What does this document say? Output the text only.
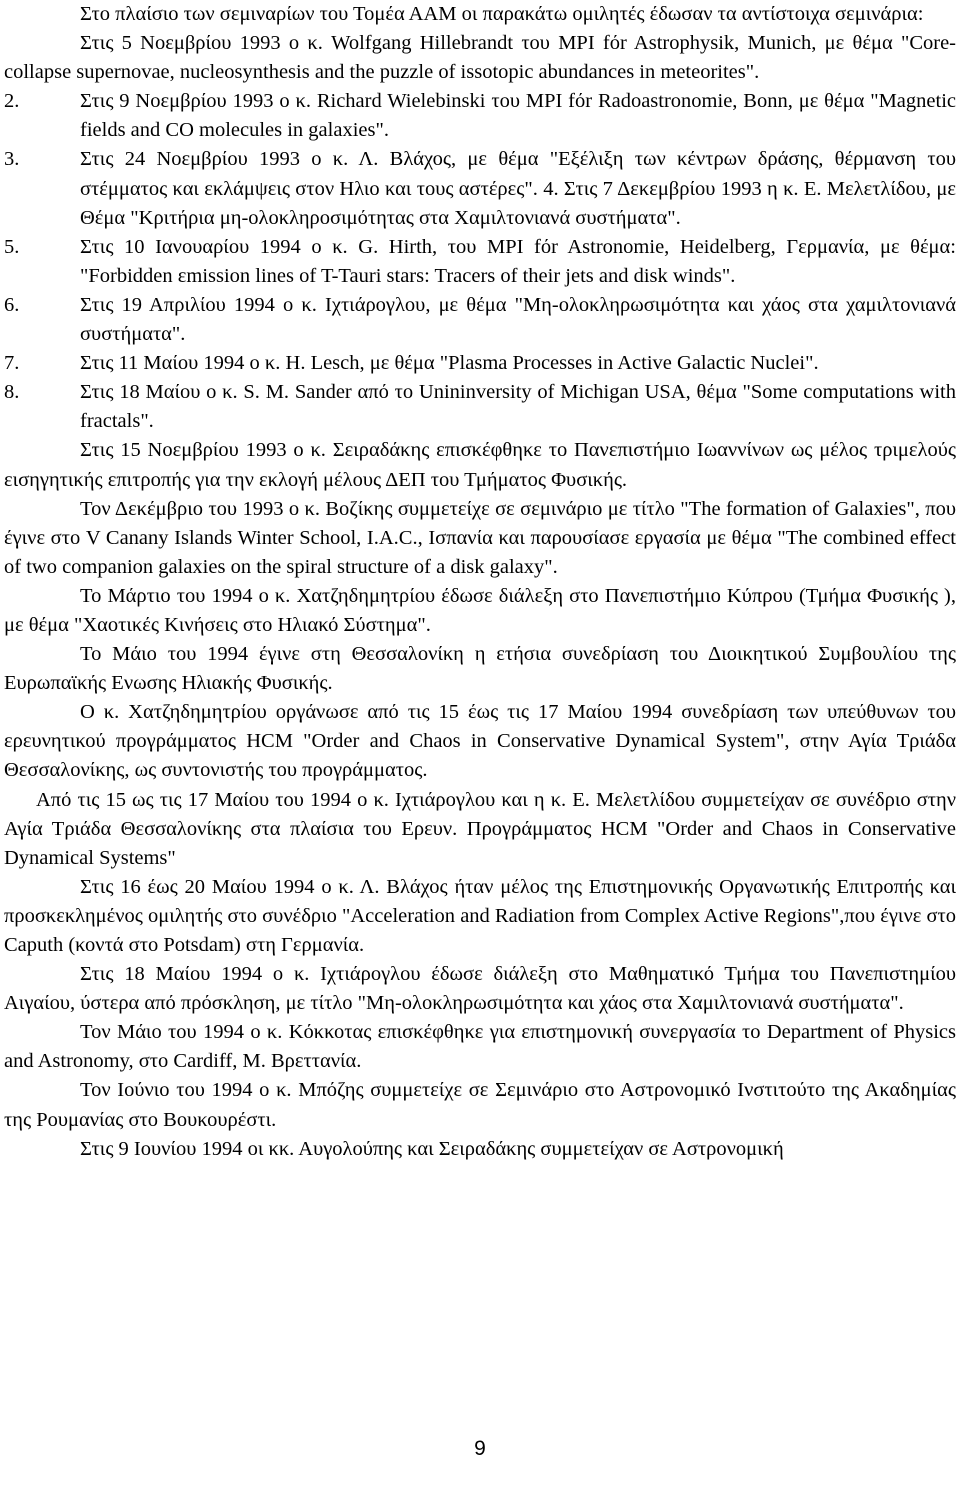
Στο πλαίσιο των σεμιναρίων του Τομέα ΑΑΜ οι παρακάτω ομιλητές έδωσαν τα αντίστοιχα σεμινάρια:

Στις 5 Νοεμβρίου 1993 ο κ. Wolfgang Hillebrandt του MPI fόr Astrophysik, Munich, με θέμα "Core-collapse supernovae, nucleosynthesis and the puzzle of issotopic abundances in meteorites".

2.	Στις 9 Νοεμβρίου 1993 ο κ. Richard Wielebinski του MPI fόr Radoastronomie, Bonn, με θέμα "Magnetic fields and CO molecules in galaxies".
3.	Στις 24 Νοεμβρίου 1993 ο κ. Λ. Βλάχος, με θέμα "Εξέλιξη των κέντρων δράσης, θέρμανση του στέμματος και εκλάμψεις στον Ηλιο και τους αστέρες". 4. Στις 7 Δεκεμβρίου 1993 η κ. Ε. Μελετλίδου, με Θέμα "Κριτήρια μη-ολοκληροσιμότητας στα Χαμιλτονιανά συστήματα".
5.	Στις 10 Ιανουαρίου 1994 ο κ. G. Hirth, του MPI fόr Astronomie, Heidelberg, Γερμανία, με θέμα: "Forbidden εmission lines of T-Tauri stars: Tracers of their jets and disk winds".
6.	Στις 19 Απριλίου 1994 ο κ. Ιχτιάρογλου, με θέμα "Μη-ολοκληρωσιμότητα και χάος στα χαμιλτονιανά συστήματα".
7.	Στις 11 Μαίου 1994 ο κ. H. Lesch, με θέμα "Plasma Processes in Active Galactic Nuclei".
8.	Στις 18 Μαίου ο κ. S. M. Sander από το Unininversity of Michigan USA, θέμα "Some computations with fractals".

Στις 15 Νοεμβρίου 1993 ο κ. Σειραδάκης επισκέφθηκε το Πανεπιστήμιο Ιωαννίνων ως μέλος τριμελούς εισηγητικής επιτροπής για την εκλογή μέλους ΔΕΠ του Τμήματος Φυσικής.

Τον Δεκέμβριο του 1993 ο κ. Βοζίκης συμμετείχε σε σεμινάριο με τίτλο "The formation of Galaxies", που έγινε στο V Canany Islands Winter School, I.A.C., Ισπανία και παρουσίασε εργασία με θέμα "The combined effect of two companion galaxies on the spiral structure of a disk galaxy".

Το Μάρτιο του 1994 ο κ. Χατζηδημητρίου έδωσε διάλεξη στο Πανεπιστήμιο Κύπρου (Τμήμα Φυσικής ), με θέμα "Χαοτικές Κινήσεις στο Ηλιακό Σύστημα".

Το Μάιο του 1994 έγινε στη Θεσσαλονίκη η ετήσια συνεδρίαση του Διοικητικού Συμβουλίου της Ευρωπαϊκής Ενωσης Ηλιακής Φυσικής.

Ο κ. Χατζηδημητρίου οργάνωσε από τις 15 έως τις 17 Μαίου 1994 συνεδρίαση των υπεύθυνων του ερευνητικού προγράμματος HCM "Order and Chaos in Conservative Dynamical System", στην Αγία Τριάδα Θεσσαλονίκης, ως συντονιστής του προγράμματος.

Από τις 15 ως τις 17 Μαίου του 1994 ο κ. Ιχτιάρογλου και η κ. Ε. Μελετλίδου συμμετείχαν σε συνέδριο στην Αγία Τριάδα Θεσσαλονίκης στα πλαίσια του Ερευν. Προγράμματος HCM "Order and Chaos in Conservative Dynamical Systems"

Στις 16 έως 20 Μαίου 1994 ο κ. Λ. Βλάχος ήταν μέλος της Επιστημονικής Οργανωτικής Επιτροπής και προσκεκλημένος ομιλητής στο συνέδριο "Acceleration and Radiation from Complex Active Regions",που έγινε στο Caputh (κοντά στο Potsdam) στη Γερμανία.

Στις 18 Μαίου 1994 ο κ. Ιχτιάρογλου έδωσε διάλεξη στο Μαθηματικό Τμήμα του Πανεπιστημίου Αιγαίου, ύστερα από πρόσκληση, με τίτλο "Μη-ολοκληρωσιμότητα και χάος στα Χαμιλτονιανά συστήματα".

Τον Μάιο του 1994 ο κ. Κόκκοτας επισκέφθηκε για επιστημονική συνεργασία το Department of Physics and Astronomy, στο Cardiff, M. Βρεττανία.

Τον Ιούνιο του 1994 ο κ. Μπόζης συμμετείχε σε Σεμινάριο στο Αστρονομικό Ινστιτούτο της Ακαδημίας της Ρουμανίας στο Βουκουρέστι.

Στις 9 Ιουνίου 1994 οι κκ. Αυγολούπης και Σειραδάκης συμμετείχαν σε Αστρονομική

9
